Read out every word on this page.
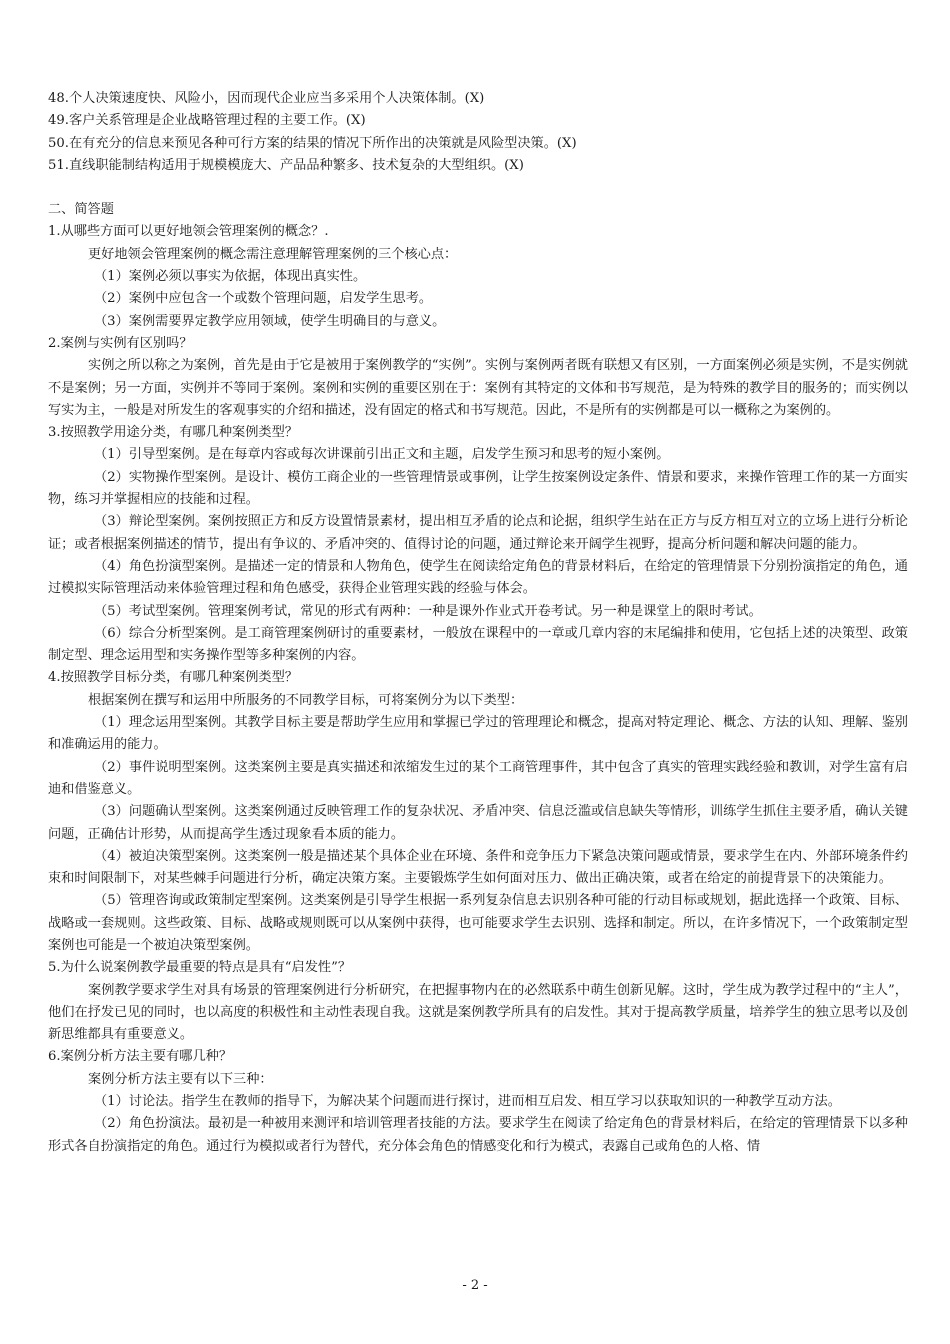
48.个人决策速度快、风险小，因而现代企业应当多采用个人决策体制。(X)
49.客户关系管理是企业战略管理过程的主要工作。(X)
50.在有充分的信息来预见各种可行方案的结果的情况下所作出的决策就是风险型决策。(X)
51.直线职能制结构适用于规模模庞大、产品品种繁多、技术复杂的大型组织。(X)
二、简答题
1.从哪些方面可以更好地领会管理案例的概念？.
更好地领会管理案例的概念需注意理解管理案例的三个核心点：
（1）案例必须以事实为依据，体现出真实性。
（2）案例中应包含一个或数个管理问题，启发学生思考。
（3）案例需要界定教学应用领域，使学生明确目的与意义。
2.案例与实例有区别吗？
实例之所以称之为案例，首先是由于它是被用于案例教学的“实例”。实例与案例两者既有联想又有区别，一方面案例必须是实例，不是实例就不是案例；另一方面，实例并不等同于案例。案例和实例的重要区别在于：案例有其特定的文体和书写规范，是为特殊的教学目的服务的；而实例以写实为主，一般是对所发生的客观事实的介绍和描述，没有固定的格式和书写规范。因此，不是所有的实例都是可以一概称之为案例的。
3.按照教学用途分类，有哪几种案例类型？
（1）引导型案例。是在每章内容或每次讲课前引出正文和主题，启发学生预习和思考的短小案例。
（2）实物操作型案例。是设计、模仿工商企业的一些管理情景或事例，让学生按案例设定条件、情景和要求，来操作管理工作的某一方面实物，练习并掌握相应的技能和过程。
（3）辩论型案例。案例按照正方和反方设置情景素材，提出相互矛盾的论点和论据，组织学生站在正方与反方相互对立的立场上进行分析论证；或者根据案例描述的情节，提出有争议的、矛盾冲突的、值得讨论的问题，通过辩论来开阔学生视野，提高分析问题和解决问题的能力。
（4）角色扮演型案例。是描述一定的情景和人物角色，使学生在阅读给定角色的背景材料后，在给定的管理情景下分别扮演指定的角色，通过模拟实际管理活动来体验管理过程和角色感受，获得企业管理实践的经验与体会。
（5）考试型案例。管理案例考试，常见的形式有两种：一种是课外作业式开卷考试。另一种是课堂上的限时考试。
（6）综合分析型案例。是工商管理案例研讨的重要素材，一般放在课程中的一章或几章内容的末尾编排和使用，它包括上述的决策型、政策制定型、理念运用型和实务操作型等多种案例的内容。
4.按照教学目标分类，有哪几种案例类型？
根据案例在撰写和运用中所服务的不同教学目标，可将案例分为以下类型：
（1）理念运用型案例。其教学目标主要是帮助学生应用和掌握已学过的管理理论和概念，提高对特定理论、概念、方法的认知、理解、鉴别和准确运用的能力。
（2）事件说明型案例。这类案例主要是真实描述和浓缩发生过的某个工商管理事件，其中包含了真实的管理实践经验和教训，对学生富有启迪和借鉴意义。
（3）问题确认型案例。这类案例通过反映管理工作的复杂状况、矛盾冲突、信息泛滥或信息缺失等情形，训练学生抓住主要矛盾，确认关键问题，正确估计形势，从而提高学生透过现象看本质的能力。
（4）被迫决策型案例。这类案例一般是描述某个具体企业在环境、条件和竞争压力下紧急决策问题或情景，要求学生在内、外部环境条件约束和时间限制下，对某些棘手问题进行分析，确定决策方案。主要锻炼学生如何面对压力、做出正确决策，或者在给定的前提背景下的决策能力。
（5）管理咨询或政策制定型案例。这类案例是引导学生根据一系列复杂信息去识别各种可能的行动目标或规划，据此选择一个政策、目标、战略或一套规则。这些政策、目标、战略或规则既可以从案例中获得，也可能要求学生去识别、选择和制定。所以，在许多情况下，一个政策制定型案例也可能是一个被迫决策型案例。
5.为什么说案例教学最重要的特点是具有“启发性”？
案例教学要求学生对具有场景的管理案例进行分析研究，在把握事物内在的必然联系中萌生创新见解。这时，学生成为教学过程中的“主人”，他们在抒发已见的同时，也以高度的积极性和主动性表现自我。这就是案例教学所具有的启发性。其对于提高教学质量，培养学生的独立思考以及创新思维都具有重要意义。
6.案例分析方法主要有哪几种？
案例分析方法主要有以下三种：
（1）讨论法。指学生在教师的指导下，为解决某个问题而进行探讨，进而相互启发、相互学习以获取知识的一种教学互动方法。
（2）角色扮演法。最初是一种被用来测评和培训管理者技能的方法。要求学生在阅读了给定角色的背景材料后，在给定的管理情景下以多种形式各自扮演指定的角色。通过行为模拟或者行为替代，充分体会角色的情感变化和行为模式，表露自己或角色的人格、情
- 2 -
